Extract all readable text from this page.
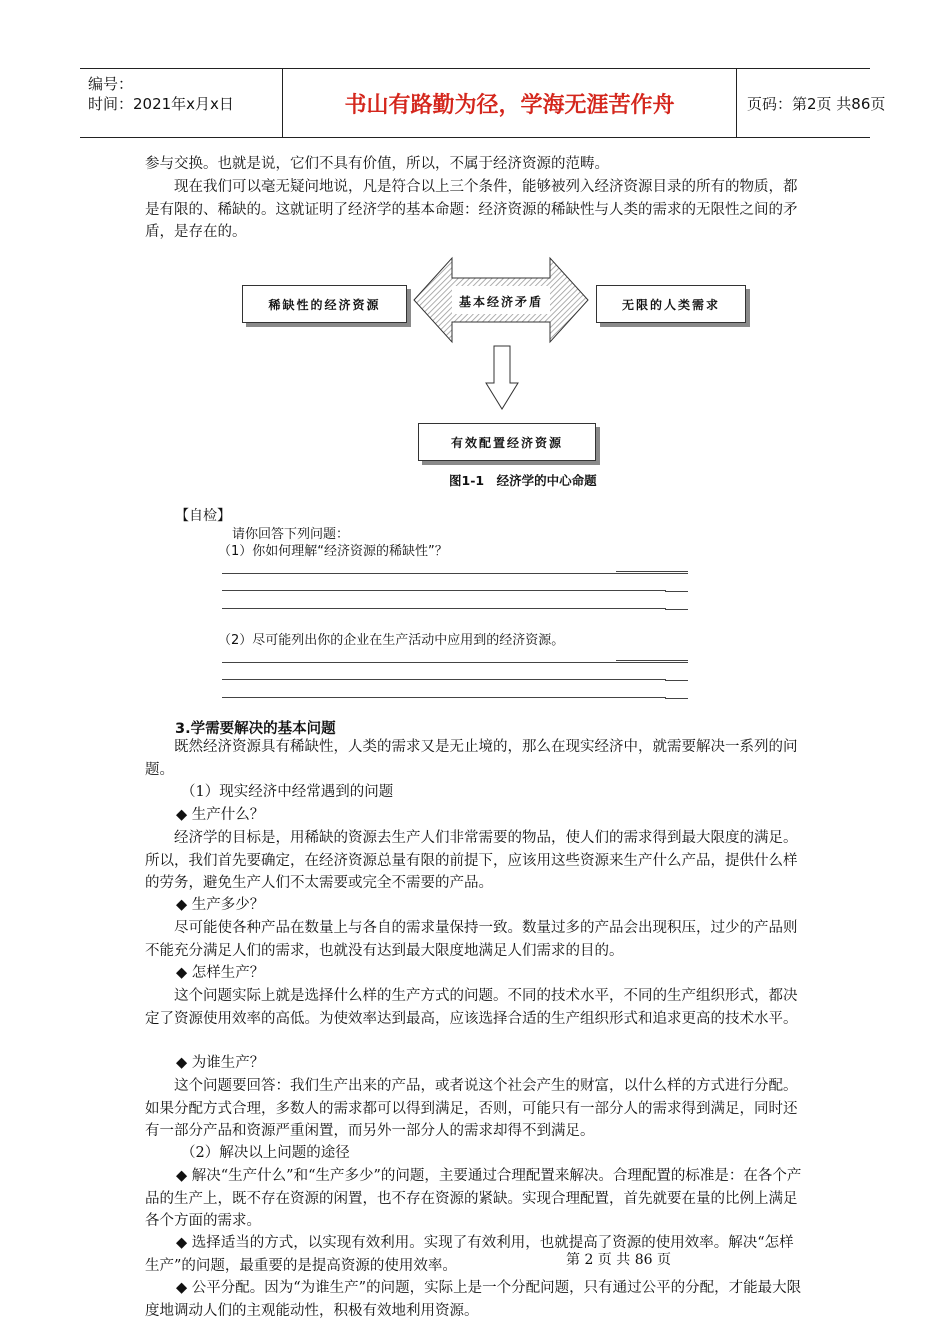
编号：
时间：2021年x月x日	书山有路勤为径，学海无涯苦作舟	页码：第2页 共86页

参与交换。也就是说，它们不具有价值，所以，不属于经济资源的范畴。

现在我们可以毫无疑问地说，凡是符合以上三个条件，能够被列入经济资源目录的所有的物质，都是有限的、稀缺的。这就证明了经济学的基本命题：经济资源的稀缺性与人类的需求的无限性之间的矛盾，是存在的。

稀缺性的经济资源	基本经济矛盾	无限的人类需求
有效配置经济资源
图1-1　经济学的中心命题
【自检】
请你回答下列问题：
（1）你如何理解“经济资源的稀缺性”？
（2）尽可能列出你的企业在生产活动中应用到的经济资源。
3.学需要解决的基本问题

既然经济资源具有稀缺性，人类的需求又是无止境的，那么在现实经济中，就需要解决一系列的问题。

（1）现实经济中经常遇到的问题

◆ 生产什么？

经济学的目标是，用稀缺的资源去生产人们非常需要的物品，使人们的需求得到最大限度的满足。所以，我们首先要确定，在经济资源总量有限的前提下，应该用这些资源来生产什么产品，提供什么样的劳务，避免生产人们不太需要或完全不需要的产品。

◆ 生产多少？

尽可能使各种产品在数量上与各自的需求量保持一致。数量过多的产品会出现积压，过少的产品则不能充分满足人们的需求，也就没有达到最大限度地满足人们需求的目的。

◆ 怎样生产？

这个问题实际上就是选择什么样的生产方式的问题。不同的技术水平，不同的生产组织形式，都决定了资源使用效率的高低。为使效率达到最高，应该选择合适的生产组织形式和追求更高的技术水平。

◆ 为谁生产？

这个问题要回答：我们生产出来的产品，或者说这个社会产生的财富，以什么样的方式进行分配。如果分配方式合理，多数人的需求都可以得到满足，否则，可能只有一部分人的需求得到满足，同时还有一部分产品和资源严重闲置，而另外一部分人的需求却得不到满足。

（2）解决以上问题的途径

◆ 解决“生产什么”和“生产多少”的问题，主要通过合理配置来解决。合理配置的标准是：在各个产品的生产上，既不存在资源的闲置，也不存在资源的紧缺。实现合理配置，首先就要在量的比例上满足各个方面的需求。

◆ 选择适当的方式，以实现有效利用。实现了有效利用，也就提高了资源的使用效率。解决“怎样生产”的问题，最重要的是提高资源的使用效率。

◆ 公平分配。因为“为谁生产”的问题，实际上是一个分配问题，只有通过公平的分配，才能最大限度地调动人们的主观能动性，积极有效地利用资源。

第 2 页 共 86 页
